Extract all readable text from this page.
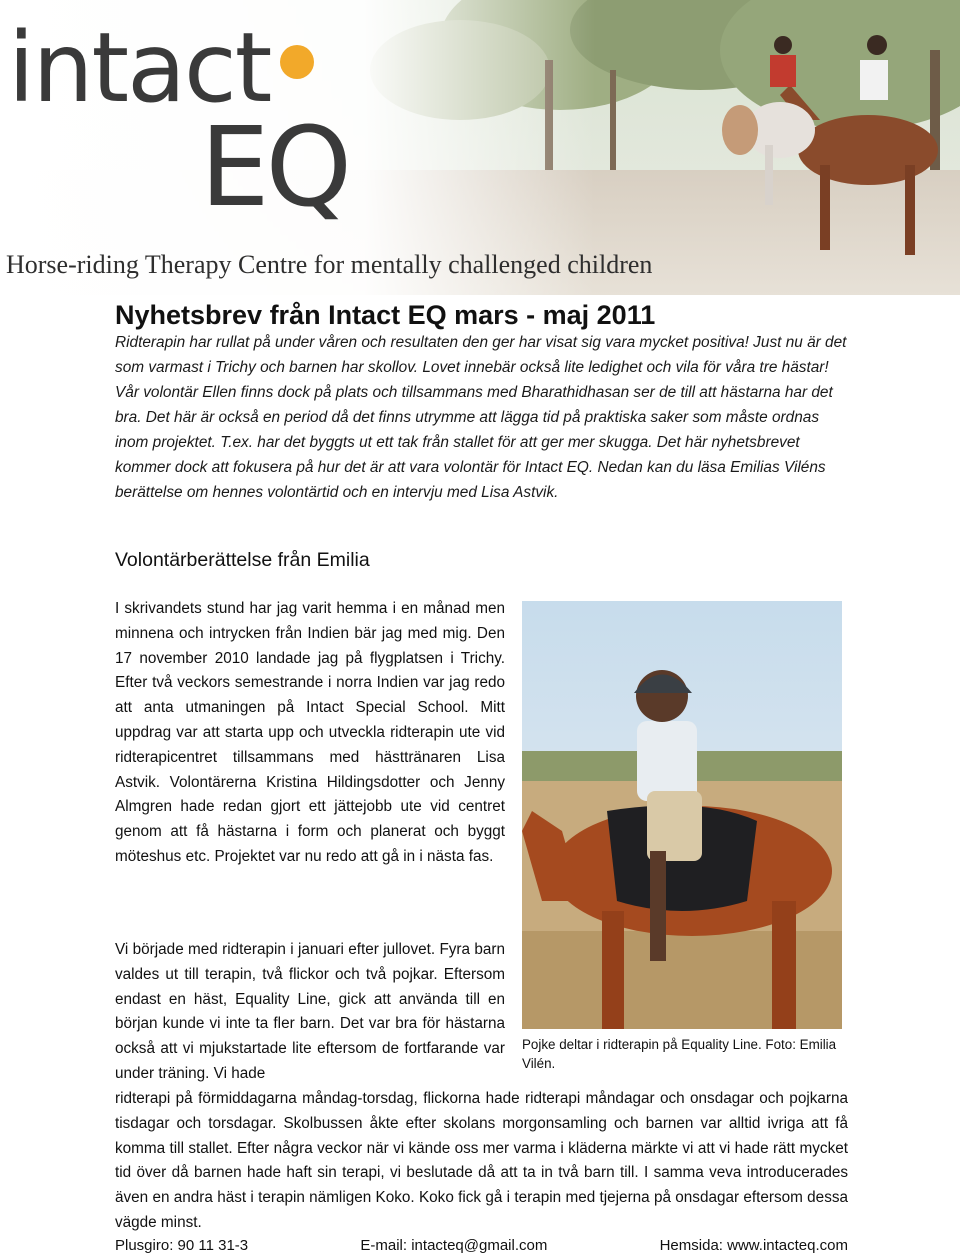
intact
EQ
Horse-riding Therapy Centre for mentally challenged children
Nyhetsbrev från Intact EQ mars - maj 2011

Ridterapin har rullat på under våren och resultaten den ger har visat sig vara mycket positiva! Just nu är det som varmast i Trichy och barnen har skollov. Lovet innebär också lite ledighet och vila för våra tre hästar! Vår volontär Ellen finns dock på plats och tillsammans med Bharathidhasan ser de till att hästarna har det bra. Det här är också en period då det finns utrymme att lägga tid på praktiska saker som måste ordnas inom projektet. T.ex. har det byggts ut ett tak från stallet för att ger mer skugga. Det här nyhetsbrevet kommer dock att fokusera på hur det är att vara volontär för Intact EQ. Nedan kan du läsa Emilias Viléns berättelse om hennes volontärtid och en intervju med Lisa Astvik.

Volontärberättelse från Emilia

I skrivandets stund har jag varit hemma i en månad men minnena och intrycken från Indien bär jag med mig. Den 17 november 2010 landade jag på flygplatsen i Trichy. Efter två veckors semestrande i norra Indien var jag redo att anta utmaningen på Intact Special School. Mitt uppdrag var att starta upp och utveckla ridterapin ute vid ridterapicentret tillsammans med hästtränaren Lisa Astvik. Volontärerna Kristina Hildingsdotter och Jenny Almgren hade redan gjort ett jättejobb ute vid centret genom att få hästarna i form och planerat och byggt möteshus etc. Projektet var nu redo att gå in i nästa fas.

Vi började med ridterapin i januari efter jullovet. Fyra barn valdes ut till terapin, två flickor och två pojkar. Eftersom endast en häst, Equality Line, gick att använda till en början kunde vi inte ta fler barn. Det var bra för hästarna också att vi mjukstartade lite eftersom de fortfarande var under träning. Vi hade

Pojke deltar i ridterapin på Equality Line. Foto: Emilia Vilén.

ridterapi på förmiddagarna måndag-torsdag, flickorna hade ridterapi måndagar och onsdagar och pojkarna tisdagar och torsdagar. Skolbussen åkte efter skolans morgonsamling och barnen var alltid ivriga att få komma till stallet. Efter några veckor när vi kände oss mer varma i kläderna märkte vi att vi hade rätt mycket tid över då barnen hade haft sin terapi, vi beslutade då att ta in två barn till. I samma veva introducerades även en andra häst i terapin nämligen Koko. Koko fick gå i terapin med tjejerna på onsdagar eftersom dessa vägde minst.

Plusgiro: 90 11 31-3	E-mail: intacteq@gmail.com	Hemsida: www.intacteq.com
